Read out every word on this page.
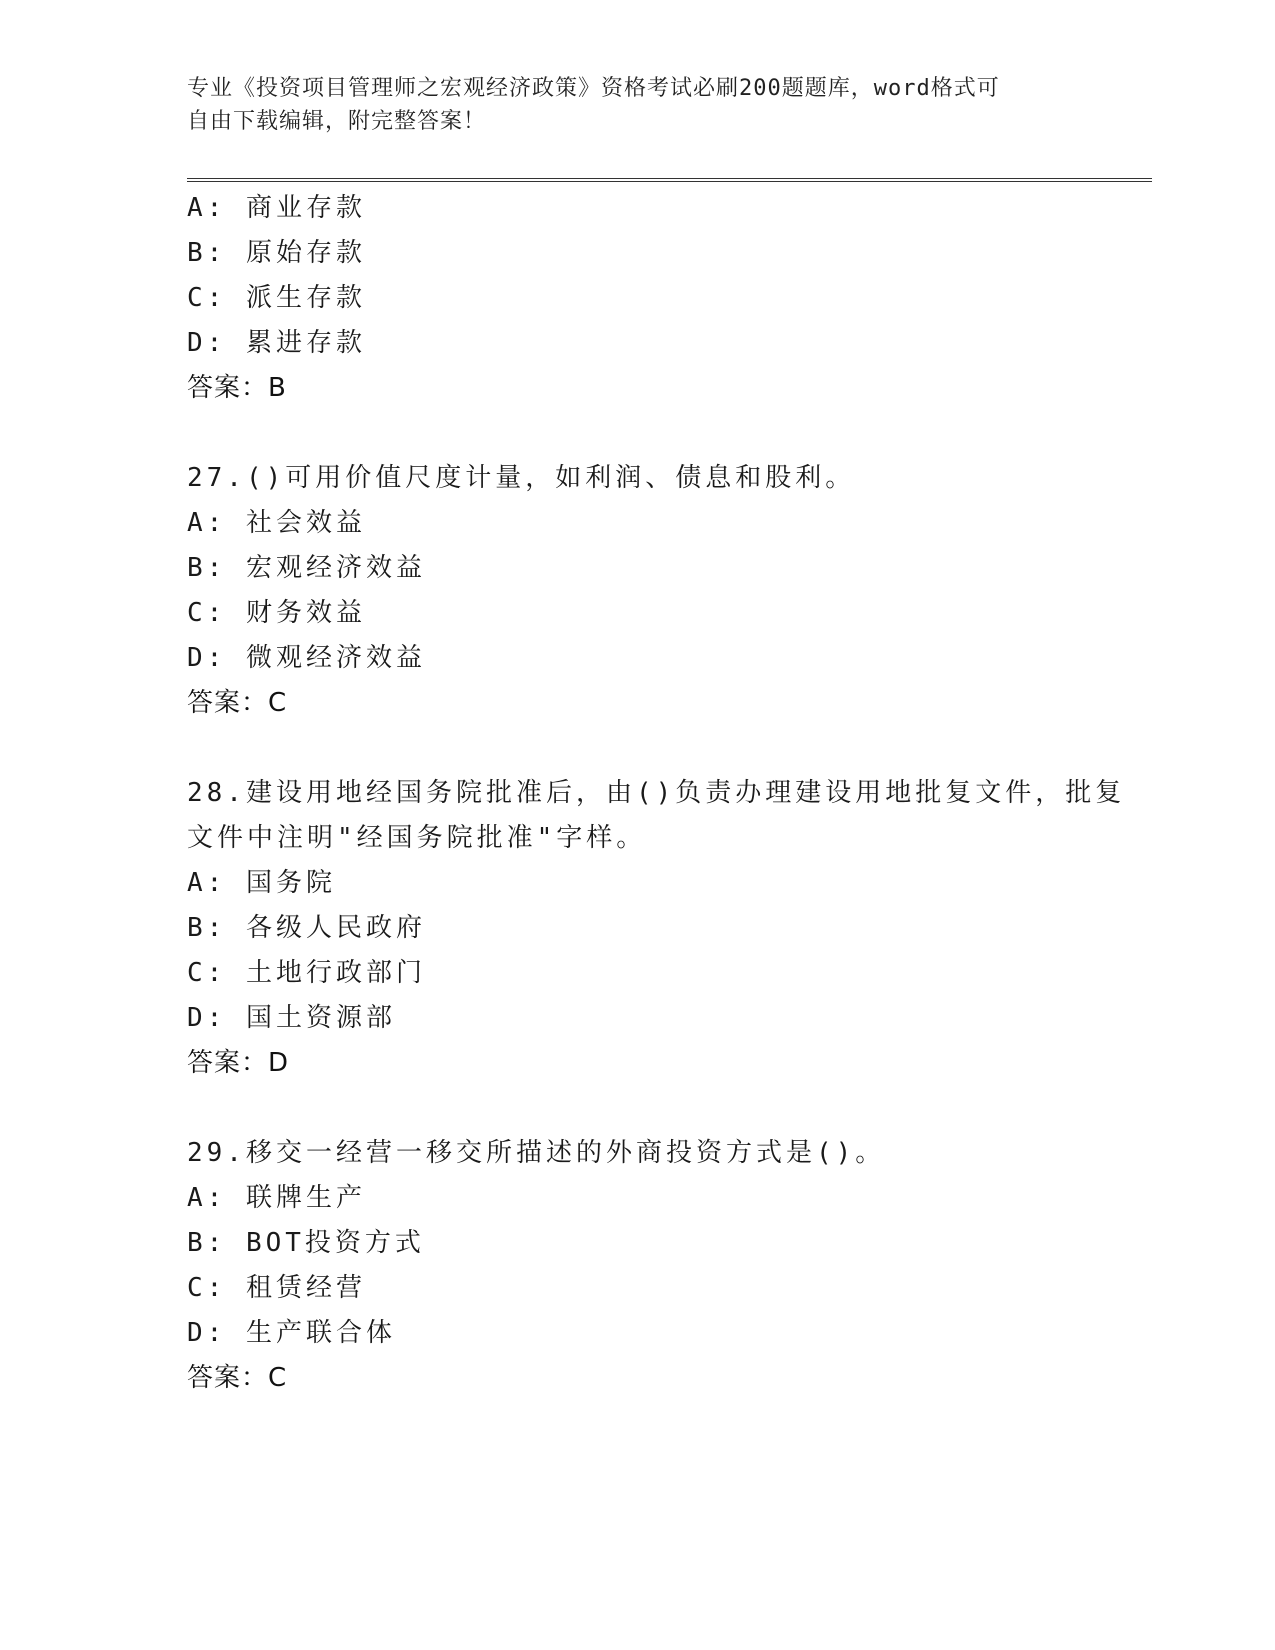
专业《投资项目管理师之宏观经济政策》资格考试必刷200题题库，word格式可
自由下载编辑，附完整答案！
A: 商业存款
B: 原始存款
C: 派生存款
D: 累进存款
答案：B
27.()可用价值尺度计量，如利润、债息和股利。
A: 社会效益
B: 宏观经济效益
C: 财务效益
D: 微观经济效益
答案：C
28.建设用地经国务院批准后，由()负责办理建设用地批复文件，批复
文件中注明"经国务院批准"字样。
A: 国务院
B: 各级人民政府
C: 土地行政部门
D: 国土资源部
答案：D
29.移交一经营一移交所描述的外商投资方式是()。
A: 联牌生产
B: BOT投资方式
C: 租赁经营
D: 生产联合体
答案：C
